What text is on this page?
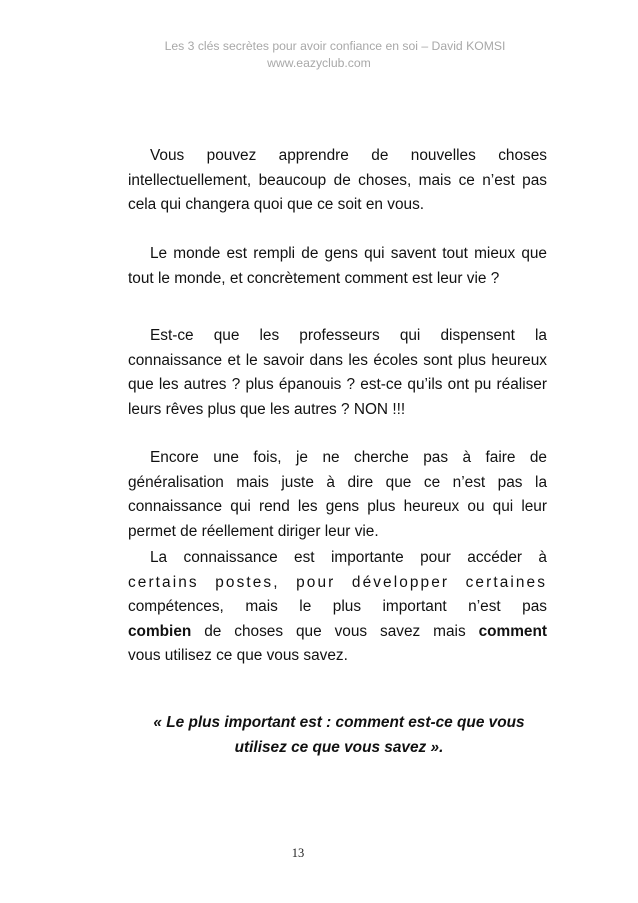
Les 3 clés secrètes pour avoir confiance en soi – David KOMSI
www.eazyclub.com

Vous pouvez apprendre de nouvelles choses intellectuellement, beaucoup de choses, mais ce n’est pas cela qui changera quoi que ce soit en vous.

Le monde est rempli de gens qui savent tout mieux que tout le monde, et concrètement comment est leur vie ?

Est-ce que les professeurs qui dispensent la connaissance et le savoir dans les écoles sont plus heureux que les autres ? plus épanouis ? est-ce qu’ils ont pu réaliser leurs rêves plus que les autres ? NON !!!

Encore une fois, je ne cherche pas à faire de généralisation mais juste à dire que ce n’est pas la connaissance qui rend les gens plus heureux ou qui leur permet de réellement diriger leur vie.

La connaissance est importante pour accéder à
certains postes, pour développer certaines
compétences, mais le plus important n’est pas
combien de choses que vous savez mais comment
vous utilisez ce que vous savez.
« Le plus important est : comment est-ce que vous
utilisez ce que vous savez ».
13
